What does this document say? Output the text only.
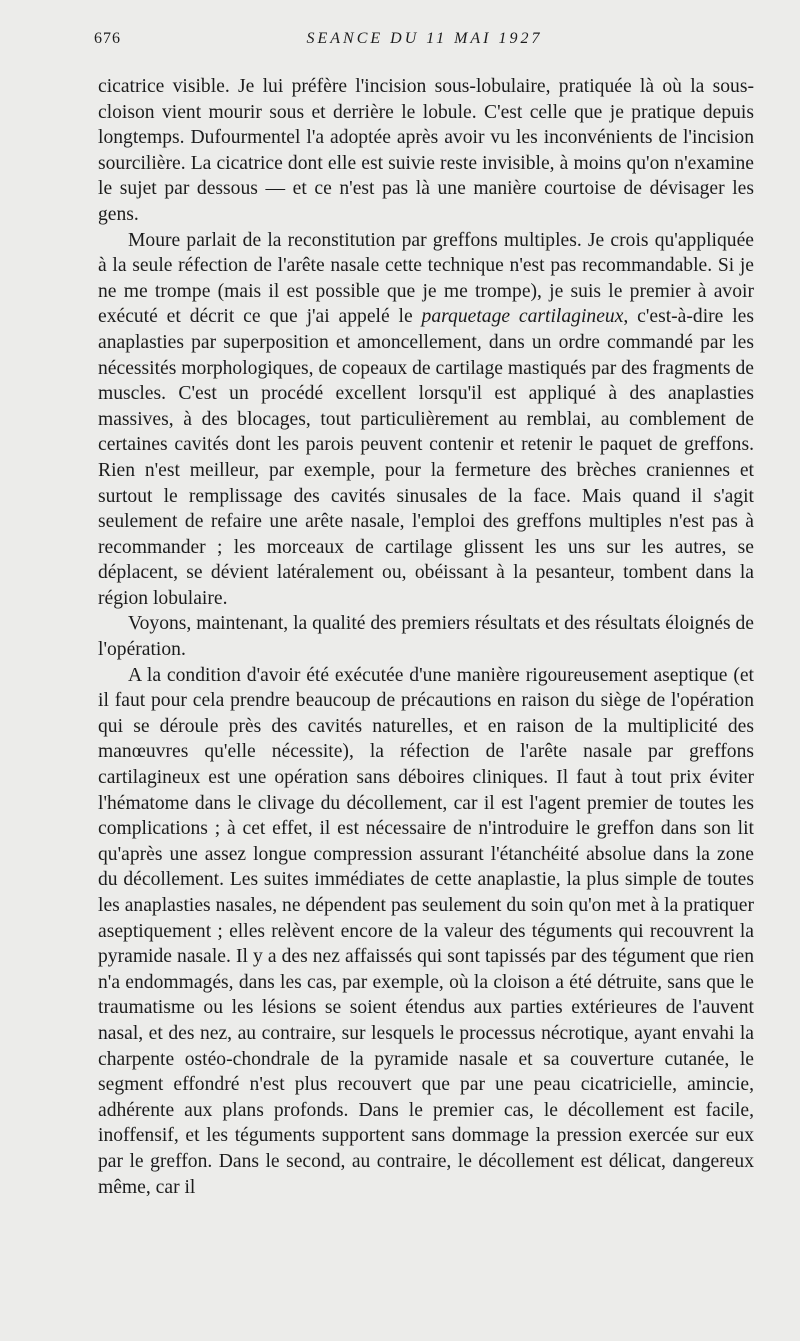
676	SEANCE DU 11 MAI 1927

cicatrice visible. Je lui préfère l'incision sous-lobulaire, pratiquée là où la sous-cloison vient mourir sous et derrière le lobule. C'est celle que je pratique depuis longtemps. Dufourmentel l'a adoptée après avoir vu les inconvénients de l'incision sourcilière. La cicatrice dont elle est suivie reste invisible, à moins qu'on n'examine le sujet par dessous — et ce n'est pas là une manière courtoise de dévisager les gens.

Moure parlait de la reconstitution par greffons multiples. Je crois qu'appliquée à la seule réfection de l'arête nasale cette technique n'est pas recommandable. Si je ne me trompe (mais il est possible que je me trompe), je suis le premier à avoir exécuté et décrit ce que j'ai appelé le parquetage cartilagineux, c'est-à-dire les anaplasties par superposition et amoncellement, dans un ordre commandé par les nécessités morphologiques, de copeaux de cartilage mastiqués par des fragments de muscles. C'est un procédé excellent lorsqu'il est appliqué à des anaplasties massives, à des blocages, tout particulièrement au remblai, au comblement de certaines cavités dont les parois peuvent contenir et retenir le paquet de greffons. Rien n'est meilleur, par exemple, pour la fermeture des brèches craniennes et surtout le remplissage des cavités sinusales de la face. Mais quand il s'agit seulement de refaire une arête nasale, l'emploi des greffons multiples n'est pas à recommander ; les morceaux de cartilage glissent les uns sur les autres, se déplacent, se dévient latéralement ou, obéissant à la pesanteur, tombent dans la région lobulaire.

Voyons, maintenant, la qualité des premiers résultats et des résultats éloignés de l'opération.

A la condition d'avoir été exécutée d'une manière rigoureusement aseptique (et il faut pour cela prendre beaucoup de précautions en raison du siège de l'opération qui se déroule près des cavités naturelles, et en raison de la multiplicité des manœuvres qu'elle nécessite), la réfection de l'arête nasale par greffons cartilagineux est une opération sans déboires cliniques. Il faut à tout prix éviter l'hématome dans le clivage du décollement, car il est l'agent premier de toutes les complications ; à cet effet, il est nécessaire de n'introduire le greffon dans son lit qu'après une assez longue compression assurant l'étanchéité absolue dans la zone du décollement. Les suites immédiates de cette anaplastie, la plus simple de toutes les anaplasties nasales, ne dépendent pas seulement du soin qu'on met à la pratiquer aseptiquement ; elles relèvent encore de la valeur des téguments qui recouvrent la pyramide nasale. Il y a des nez affaissés qui sont tapissés par des tégument que rien n'a endommagés, dans les cas, par exemple, où la cloison a été détruite, sans que le traumatisme ou les lésions se soient étendus aux parties extérieures de l'auvent nasal, et des nez, au contraire, sur lesquels le processus nécrotique, ayant envahi la charpente ostéo-chondrale de la pyramide nasale et sa couverture cutanée, le segment effondré n'est plus recouvert que par une peau cicatricielle, amincie, adhérente aux plans profonds. Dans le premier cas, le décollement est facile, inoffensif, et les téguments supportent sans dommage la pression exercée sur eux par le greffon. Dans le second, au contraire, le décollement est délicat, dangereux même, car il
